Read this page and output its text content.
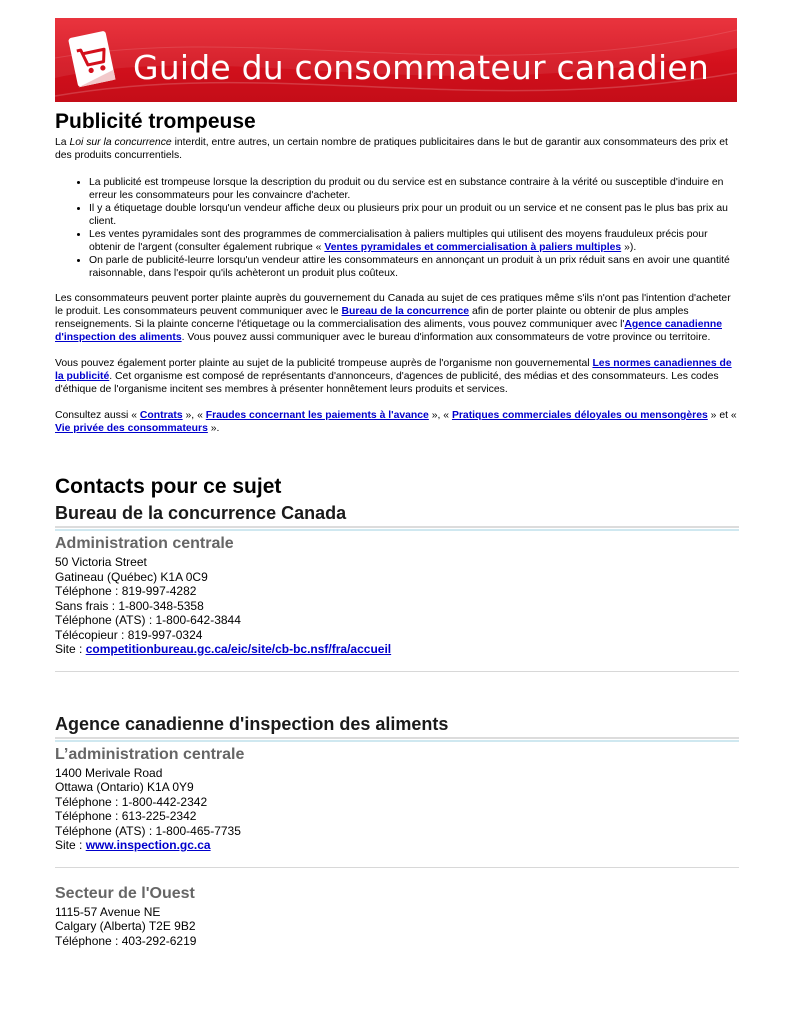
Guide du consommateur canadien
Publicité trompeuse

La Loi sur la concurrence interdit, entre autres, un certain nombre de pratiques publicitaires dans le but de garantir aux consommateurs des prix et des produits concurrentiels.

• La publicité est trompeuse lorsque la description du produit ou du service est en substance contraire à la vérité ou susceptible d'induire en erreur les consommateurs pour les convaincre d'acheter.
• Il y a étiquetage double lorsqu'un vendeur affiche deux ou plusieurs prix pour un produit ou un service et ne consent pas le plus bas prix au client.
• Les ventes pyramidales sont des programmes de commercialisation à paliers multiples qui utilisent des moyens frauduleux précis pour obtenir de l'argent (consulter également rubrique « Ventes pyramidales et commercialisation à paliers multiples »).
• On parle de publicité-leurre lorsqu'un vendeur attire les consommateurs en annonçant un produit à un prix réduit sans en avoir une quantité raisonnable, dans l'espoir qu'ils achèteront un produit plus coûteux.

Les consommateurs peuvent porter plainte auprès du gouvernement du Canada au sujet de ces pratiques même s'ils n'ont pas l'intention d'acheter le produit. Les consommateurs peuvent communiquer avec le Bureau de la concurrence afin de porter plainte ou obtenir de plus amples renseignements. Si la plainte concerne l'étiquetage ou la commercialisation des aliments, vous pouvez communiquer avec l'Agence canadienne d'inspection des aliments. Vous pouvez aussi communiquer avec le bureau d'information aux consommateurs de votre province ou territoire.

Vous pouvez également porter plainte au sujet de la publicité trompeuse auprès de l'organisme non gouvernemental Les normes canadiennes de la publicité. Cet organisme est composé de représentants d'annonceurs, d'agences de publicité, des médias et des consommateurs. Les codes d'éthique de l'organisme incitent ses membres à présenter honnêtement leurs produits et services.

Consultez aussi « Contrats », « Fraudes concernant les paiements à l'avance », « Pratiques commerciales déloyales ou mensongères » et « Vie privée des consommateurs ».

Contacts pour ce sujet
Bureau de la concurrence Canada
Administration centrale
50 Victoria Street
Gatineau (Québec) K1A 0C9
Téléphone : 819-997-4282
Sans frais : 1-800-348-5358
Téléphone (ATS) : 1-800-642-3844
Télécopieur : 819-997-0324
Site : competitionbureau.gc.ca/eic/site/cb-bc.nsf/fra/accueil
Agence canadienne d'inspection des aliments
L’administration centrale
1400 Merivale Road
Ottawa (Ontario) K1A 0Y9
Téléphone : 1-800-442-2342
Téléphone : 613-225-2342
Téléphone (ATS) : 1-800-465-7735
Site : www.inspection.gc.ca
Secteur de l'Ouest
1115-57 Avenue NE
Calgary (Alberta) T2E 9B2
Téléphone : 403-292-6219
